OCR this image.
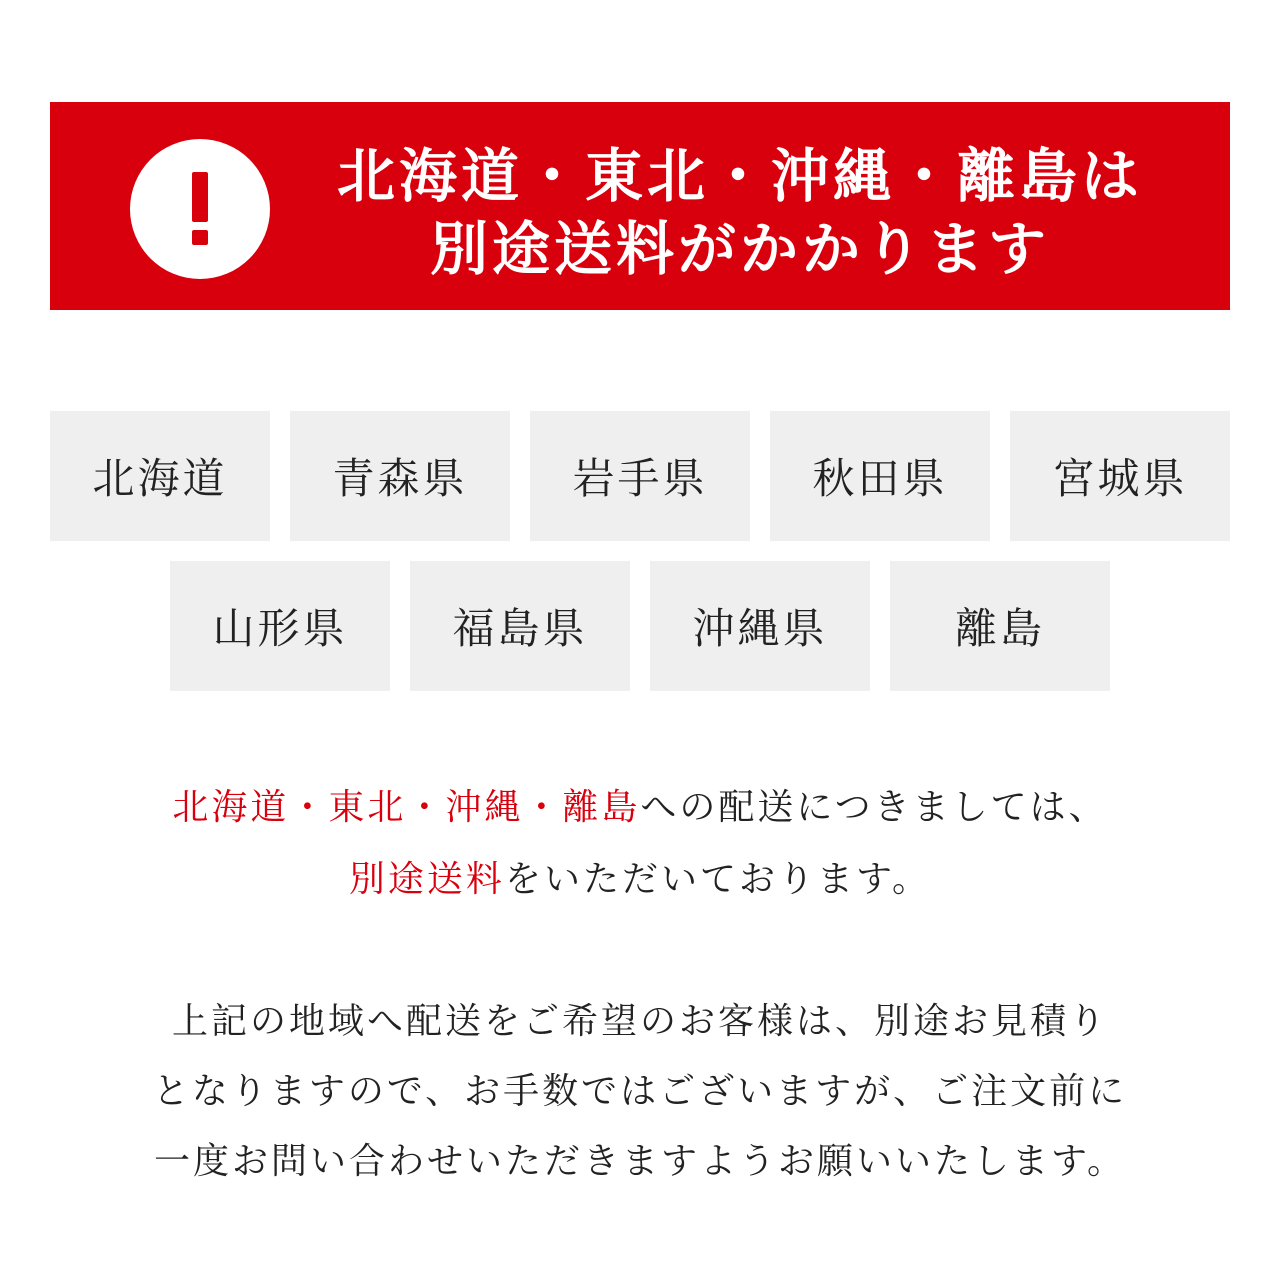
北海道・東北・沖縄・離島は
別途送料がかかります
北海道	青森県	岩手県	秋田県	宮城県
山形県	福島県	沖縄県	離島
北海道・東北・沖縄・離島への配送につきましては、
別途送料をいただいております。
上記の地域へ配送をご希望のお客様は、別途お見積り
となりますので、お手数ではございますが、ご注文前に
一度お問い合わせいただきますようお願いいたします。
